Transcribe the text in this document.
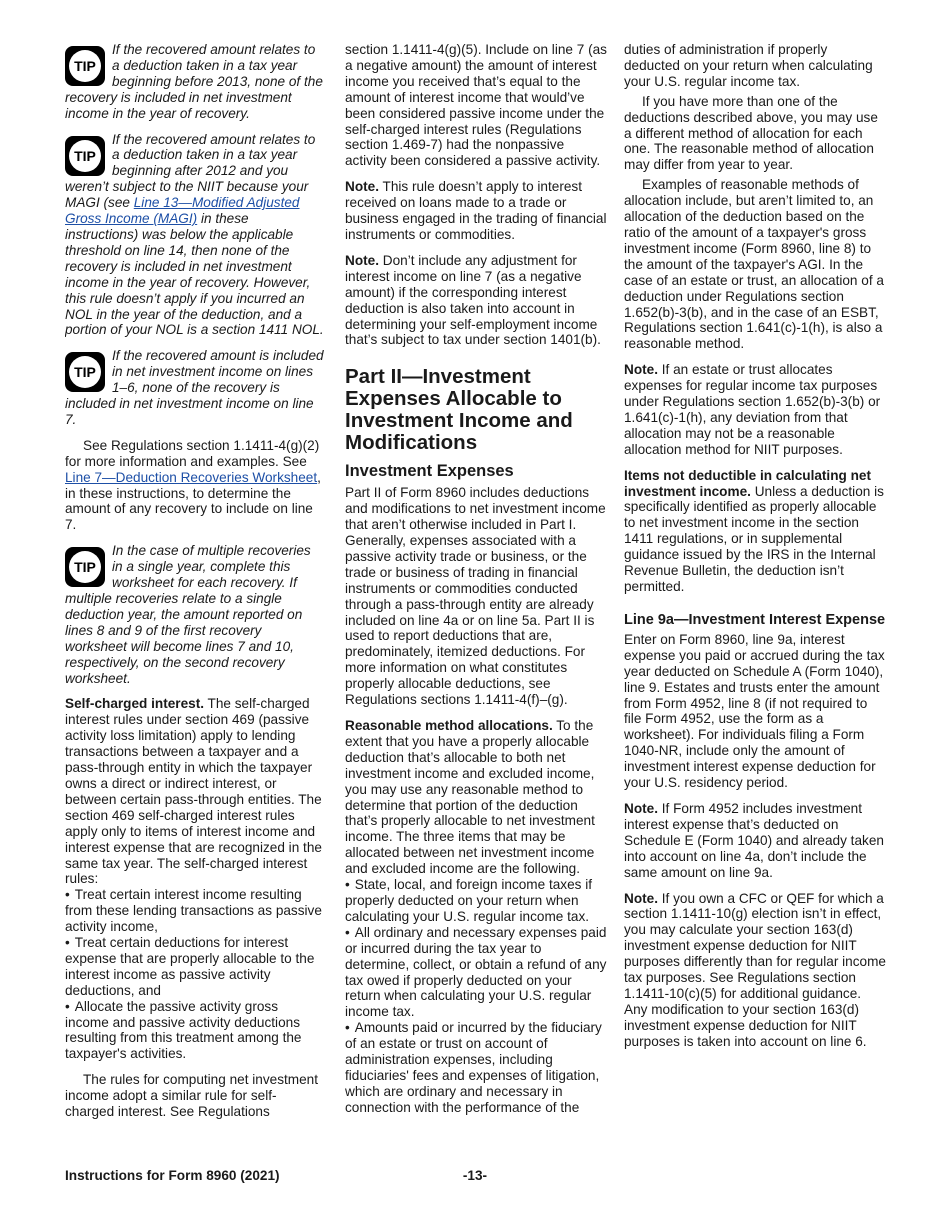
TIP
If the recovered amount relates to a deduction taken in a tax year beginning before 2013, none of the recovery is included in net investment income in the year of recovery.
TIP
If the recovered amount relates to a deduction taken in a tax year beginning after 2012 and you weren’t subject to the NIIT because your MAGI (see Line 13—Modified Adjusted Gross Income (MAGI) in these instructions) was below the applicable threshold on line 14, then none of the recovery is included in net investment income in the year of recovery. However, this rule doesn’t apply if you incurred an NOL in the year of the deduction, and a portion of your NOL is a section 1411 NOL.
TIP
If the recovered amount is included in net investment income on lines 1–6, none of the recovery is included in net investment income on line 7.

See Regulations section 1.1411-4(g)(2) for more information and examples. See Line 7—Deduction Recoveries Worksheet, in these instructions, to determine the amount of any recovery to include on line 7.

TIP
In the case of multiple recoveries in a single year, complete this worksheet for each recovery. If multiple recoveries relate to a single deduction year, the amount reported on lines 8 and 9 of the first recovery worksheet will become lines 7 and 10, respectively, on the second recovery worksheet.

Self-charged interest. The self-charged interest rules under section 469 (passive activity loss limitation) apply to lending transactions between a taxpayer and a pass-through entity in which the taxpayer owns a direct or indirect interest, or between certain pass-through entities. The section 469 self-charged interest rules apply only to items of interest income and interest expense that are recognized in the same tax year. The self-charged interest rules:

• Treat certain interest income resulting from these lending transactions as passive activity income,
• Treat certain deductions for interest expense that are properly allocable to the interest income as passive activity deductions, and
• Allocate the passive activity gross income and passive activity deductions resulting from this treatment among the taxpayer's activities.

The rules for computing net investment income adopt a similar rule for self-charged interest. See Regulations

section 1.1411-4(g)(5). Include on line 7 (as a negative amount) the amount of interest income you received that’s equal to the amount of interest income that would’ve been considered passive income under the self-charged interest rules (Regulations section 1.469-7) had the nonpassive activity been considered a passive activity.

Note. This rule doesn’t apply to interest received on loans made to a trade or business engaged in the trading of financial instruments or commodities.

Note. Don’t include any adjustment for interest income on line 7 (as a negative amount) if the corresponding interest deduction is also taken into account in determining your self-employment income that’s subject to tax under section 1401(b).

Part II—Investment Expenses Allocable to Investment Income and Modifications
Investment Expenses

Part II of Form 8960 includes deductions and modifications to net investment income that aren’t otherwise included in Part I. Generally, expenses associated with a passive activity trade or business, or the trade or business of trading in financial instruments or commodities conducted through a pass-through entity are already included on line 4a or on line 5a. Part II is used to report deductions that are, predominately, itemized deductions. For more information on what constitutes properly allocable deductions, see Regulations sections 1.1411-4(f)–(g).

Reasonable method allocations. To the extent that you have a properly allocable deduction that’s allocable to both net investment income and excluded income, you may use any reasonable method to determine that portion of the deduction that’s properly allocable to net investment income. The three items that may be allocated between net investment income and excluded income are the following.

• State, local, and foreign income taxes if properly deducted on your return when calculating your U.S. regular income tax.
• All ordinary and necessary expenses paid or incurred during the tax year to determine, collect, or obtain a refund of any tax owed if properly deducted on your return when calculating your U.S. regular income tax.
• Amounts paid or incurred by the fiduciary of an estate or trust on account of administration expenses, including fiduciaries' fees and expenses of litigation, which are ordinary and necessary in connection with the performance of the

duties of administration if properly deducted on your return when calculating your U.S. regular income tax.

If you have more than one of the deductions described above, you may use a different method of allocation for each one. The reasonable method of allocation may differ from year to year.

Examples of reasonable methods of allocation include, but aren’t limited to, an allocation of the deduction based on the ratio of the amount of a taxpayer's gross investment income (Form 8960, line 8) to the amount of the taxpayer's AGI. In the case of an estate or trust, an allocation of a deduction under Regulations section 1.652(b)-3(b), and in the case of an ESBT, Regulations section 1.641(c)-1(h), is also a reasonable method.

Note. If an estate or trust allocates expenses for regular income tax purposes under Regulations section 1.652(b)-3(b) or 1.641(c)-1(h), any deviation from that allocation may not be a reasonable allocation method for NIIT purposes.

Items not deductible in calculating net investment income. Unless a deduction is specifically identified as properly allocable to net investment income in the section 1411 regulations, or in supplemental guidance issued by the IRS in the Internal Revenue Bulletin, the deduction isn’t permitted.

Line 9a—Investment Interest Expense

Enter on Form 8960, line 9a, interest expense you paid or accrued during the tax year deducted on Schedule A (Form 1040), line 9. Estates and trusts enter the amount from Form 4952, line 8 (if not required to file Form 4952, use the form as a worksheet). For individuals filing a Form 1040-NR, include only the amount of investment interest expense deduction for your U.S. residency period.

Note. If Form 4952 includes investment interest expense that’s deducted on Schedule E (Form 1040) and already taken into account on line 4a, don’t include the same amount on line 9a.

Note. If you own a CFC or QEF for which a section 1.1411-10(g) election isn’t in effect, you may calculate your section 163(d) investment expense deduction for NIIT purposes differently than for regular income tax purposes. See Regulations section 1.1411-10(c)(5) for additional guidance. Any modification to your section 163(d) investment expense deduction for NIIT purposes is taken into account on line 6.

Instructions for Form 8960 (2021)	-13-
